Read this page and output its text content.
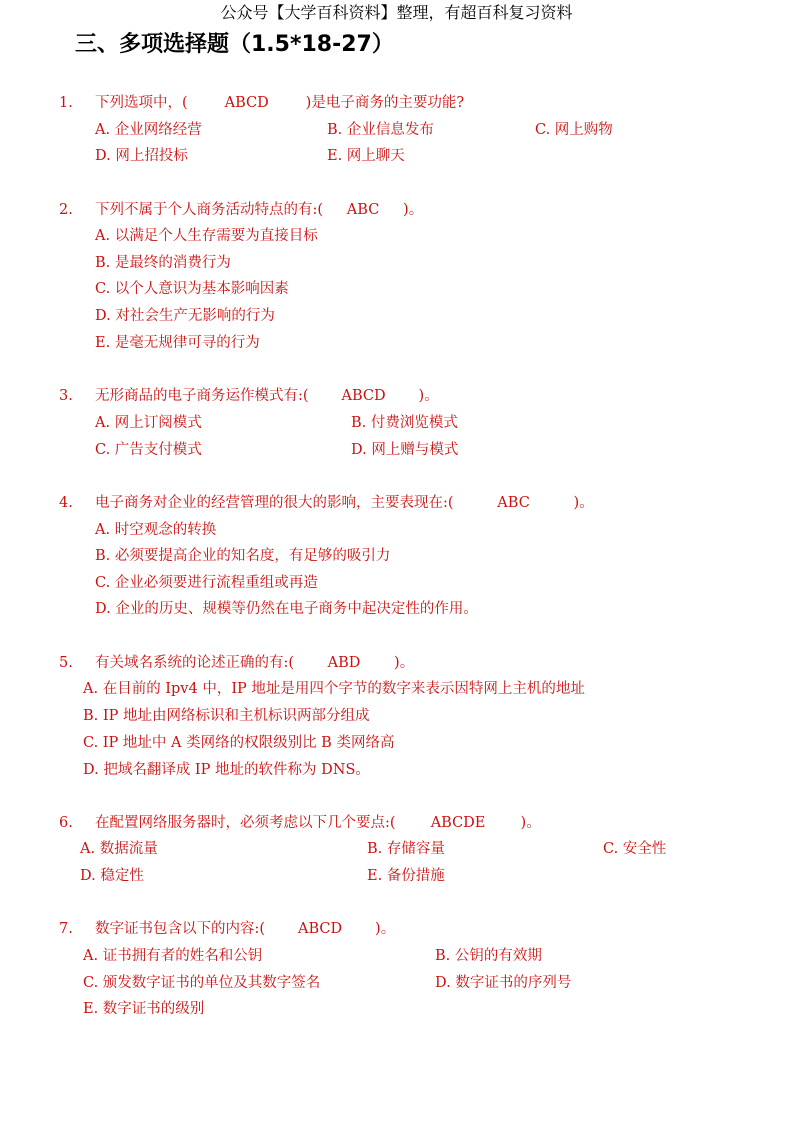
公众号【大学百科资料】整理，有超百科复习资料
三、多项选择题（1.5*18-27）
1. 下列选项中，(	ABCD	)是电子商务的主要功能?
A. 企业网络经营	B. 企业信息发布	C. 网上购物
D. 网上招投标	E. 网上聊天
2. 下列不属于个人商务活动特点的有:( ABC )。
A. 以满足个人生存需要为直接目标
B. 是最终的消费行为
C. 以个人意识为基本影响因素
D. 对社会生产无影响的行为
E. 是毫无规律可寻的行为
3. 无形商品的电子商务运作模式有:( ABCD )。
A. 网上订阅模式	B. 付费浏览模式
C. 广告支付模式	D. 网上赠与模式
4. 电子商务对企业的经营管理的很大的影响，主要表现在:(	ABC	)。
A. 时空观念的转换
B. 必须要提高企业的知名度，有足够的吸引力
C. 企业必须要进行流程重组或再造
D. 企业的历史、规模等仍然在电子商务中起决定性的作用。
5. 有关域名系统的论述正确的有:( ABD )。
A. 在目前的 Ipv4 中，IP 地址是用四个字节的数字来表示因特网上主机的地址
B. IP 地址由网络标识和主机标识两部分组成
C. IP 地址中 A 类网络的权限级别比 B 类网络高
D. 把域名翻译成 IP 地址的软件称为 DNS。
6. 在配置网络服务器时，必须考虑以下几个要点:( ABCDE )。
A. 数据流量	B. 存储容量	C. 安全性
D. 稳定性	E. 备份措施
7. 数字证书包含以下的内容:( ABCD )。
A. 证书拥有者的姓名和公钥	B. 公钥的有效期
C. 颁发数字证书的单位及其数字签名	D. 数字证书的序列号
E. 数字证书的级别
